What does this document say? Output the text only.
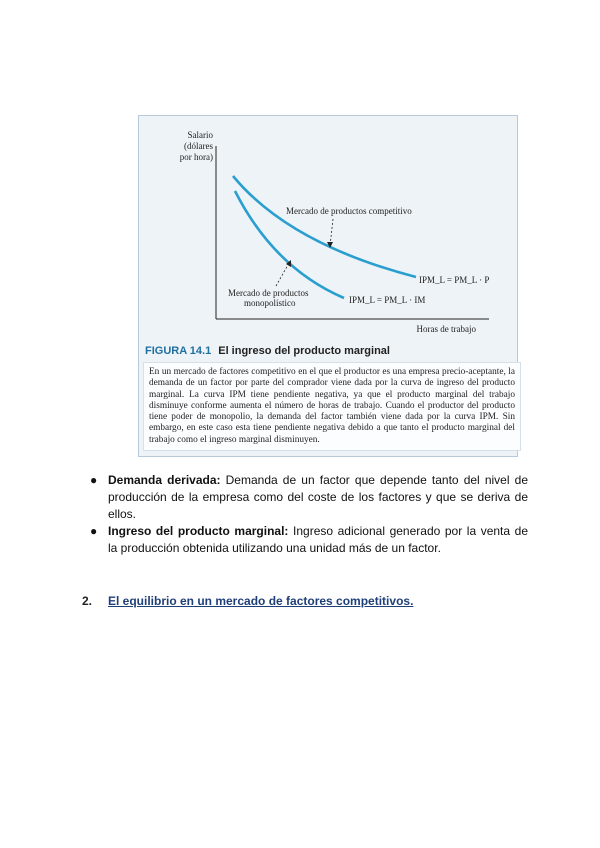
Salario
(dólares
por hora)
Horas de trabajo
Mercado de productos competitivo
Mercado de productos
monopolístico
IPM_L = PM_L · P
IPM_L = PM_L · IM
FIGURA 14.1 El ingreso del producto marginal
En un mercado de factores competitivo en el que el productor es una empresa precio-aceptante, la demanda de un factor por parte del comprador viene dada por la curva de ingreso del producto marginal. La curva IPM tiene pendiente negativa, ya que el producto marginal del trabajo disminuye conforme aumenta el número de horas de trabajo. Cuando el productor del producto tiene poder de monopolio, la demanda del factor también viene dada por la curva IPM. Sin embargo, en este caso esta tiene pendiente negativa debido a que tanto el producto marginal del trabajo como el ingreso marginal disminuyen.
● Demanda derivada: Demanda de un factor que depende tanto del nivel de producción de la empresa como del coste de los factores y que se deriva de ellos.
● Ingreso del producto marginal: Ingreso adicional generado por la venta de la producción obtenida utilizando una unidad más de un factor.
2. El equilibrio en un mercado de factores competitivos.
